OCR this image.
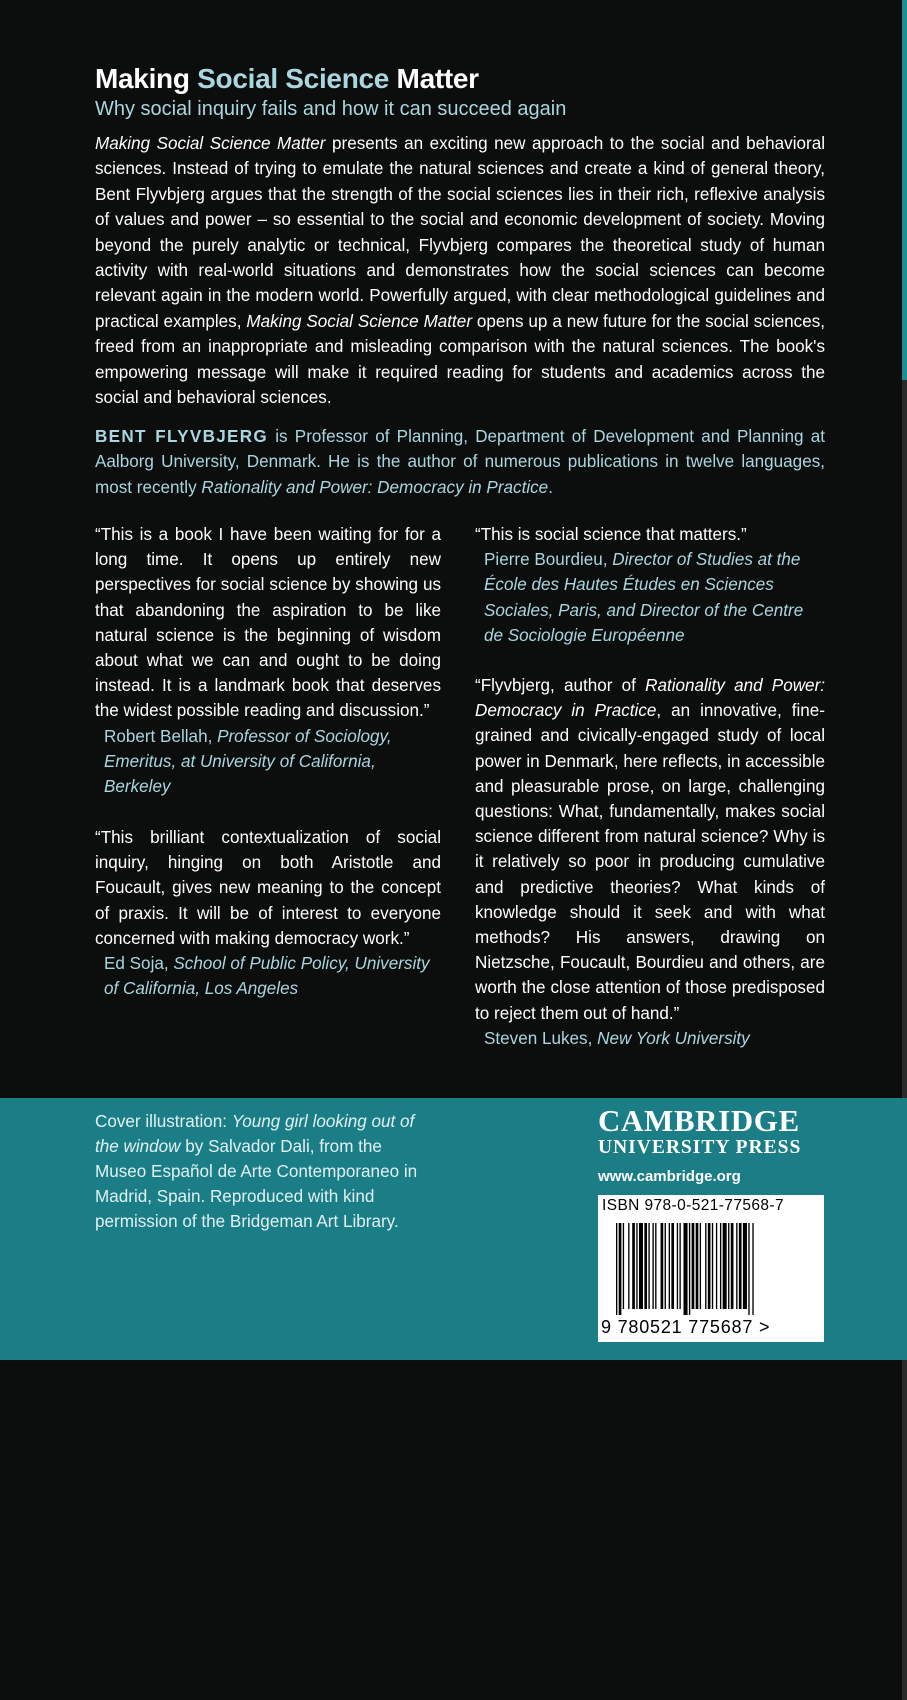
Making Social Science Matter
Why social inquiry fails and how it can succeed again
Making Social Science Matter presents an exciting new approach to the social and behavioral sciences. Instead of trying to emulate the natural sciences and create a kind of general theory, Bent Flyvbjerg argues that the strength of the social sciences lies in their rich, reflexive analysis of values and power – so essential to the social and economic development of society. Moving beyond the purely analytic or technical, Flyvbjerg compares the theoretical study of human activity with real-world situations and demonstrates how the social sciences can become relevant again in the modern world. Powerfully argued, with clear methodological guidelines and practical examples, Making Social Science Matter opens up a new future for the social sciences, freed from an inappropriate and misleading comparison with the natural sciences. The book's empowering message will make it required reading for students and academics across the social and behavioral sciences.
BENT FLYVBJERG is Professor of Planning, Department of Development and Planning at Aalborg University, Denmark. He is the author of numerous publications in twelve languages, most recently Rationality and Power: Democracy in Practice.
“This is a book I have been waiting for for a long time. It opens up entirely new perspectives for social science by showing us that abandoning the aspiration to be like natural science is the beginning of wisdom about what we can and ought to be doing instead. It is a landmark book that deserves the widest possible reading and discussion.”
Robert Bellah, Professor of Sociology, Emeritus, at University of California, Berkeley
“This brilliant contextualization of social inquiry, hinging on both Aristotle and Foucault, gives new meaning to the concept of praxis. It will be of interest to everyone concerned with making democracy work.”
Ed Soja, School of Public Policy, University of California, Los Angeles
“This is social science that matters.”
Pierre Bourdieu, Director of Studies at the École des Hautes Études en Sciences Sociales, Paris, and Director of the Centre de Sociologie Européenne
“Flyvbjerg, author of Rationality and Power: Democracy in Practice, an innovative, fine-grained and civically-engaged study of local power in Denmark, here reflects, in accessible and pleasurable prose, on large, challenging questions: What, fundamentally, makes social science different from natural science? Why is it relatively so poor in producing cumulative and predictive theories? What kinds of knowledge should it seek and with what methods? His answers, drawing on Nietzsche, Foucault, Bourdieu and others, are worth the close attention of those predisposed to reject them out of hand.”
Steven Lukes, New York University
Cover illustration: Young girl looking out of the window by Salvador Dali, from the Museo Español de Arte Contemporaneo in Madrid, Spain. Reproduced with kind permission of the Bridgeman Art Library.
CAMBRIDGE
UNIVERSITY PRESS
www.cambridge.org
ISBN 978-0-521-77568-7
9 780521 775687 >
